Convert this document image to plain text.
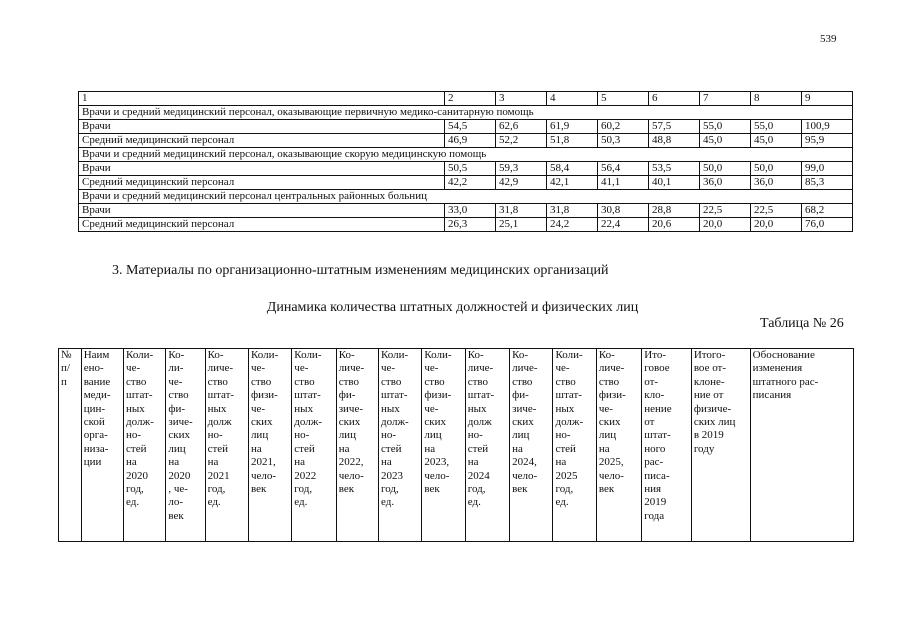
539
1	2	3	4	5	6	7	8	9
Врачи и средний медицинский персонал, оказывающие первичную медико-санитарную помощь								
Врачи	54,5	62,6	61,9	60,2	57,5	55,0	55,0	100,9
Средний медицинский персонал	46,9	52,2	51,8	50,3	48,8	45,0	45,0	95,9
Врачи и средний медицинский персонал, оказывающие скорую медицинскую помощь								
Врачи	50,5	59,3	58,4	56,4	53,5	50,0	50,0	99,0
Средний медицинский персонал	42,2	42,9	42,1	41,1	40,1	36,0	36,0	85,3
Врачи и средний медицинский персонал центральных районных больниц								
Врачи	33,0	31,8	31,8	30,8	28,8	22,5	22,5	68,2
Средний медицинский персонал	26,3	25,1	24,2	22,4	20,6	20,0	20,0	76,0
3. Материалы по организационно-штатным изменениям медицинских организаций
Динамика количества штатных должностей и физических лиц
Таблица № 26
№
п/
п	Наим
ено-
вание
меди-
цин-
ской
орга-
низа-
ции	Коли-
че-
ство
штат-
ных
долж-
но-
стей
на
2020
год,
ед.	Ко-
ли-
че-
ство
фи-
зиче-
ских
лиц
на
2020
, че-
ло-
век	Ко-
личе-
ство
штат-
ных
долж
но-
стей
на
2021
год,
ед.	Коли-
че-
ство
физи-
че-
ских
лиц
на
2021,
чело-
век	Коли-
че-
ство
штат-
ных
долж-
но-
стей
на
2022
год,
ед.	Ко-
личе-
ство
фи-
зиче-
ских
лиц
на
2022,
чело-
век	Коли-
че-
ство
штат-
ных
долж-
но-
стей
на
2023
год,
ед.	Коли-
че-
ство
физи-
че-
ских
лиц
на
2023,
чело-
век	Ко-
личе-
ство
штат-
ных
долж
но-
стей
на
2024
год,
ед.	Ко-
личе-
ство
фи-
зиче-
ских
лиц
на
2024,
чело-
век	Коли-
че-
ство
штат-
ных
долж-
но-
стей
на
2025
год,
ед.	Ко-
личе-
ство
физи-
че-
ских
лиц
на
2025,
чело-
век	Ито-
говое
от-
кло-
нение
от
штат-
ного
рас-
писа-
ния
2019
года	Итого-
вое от-
клоне-
ние от
физиче-
ских лиц
в 2019
году	Обоснование
изменения
штатного рас-
писания
